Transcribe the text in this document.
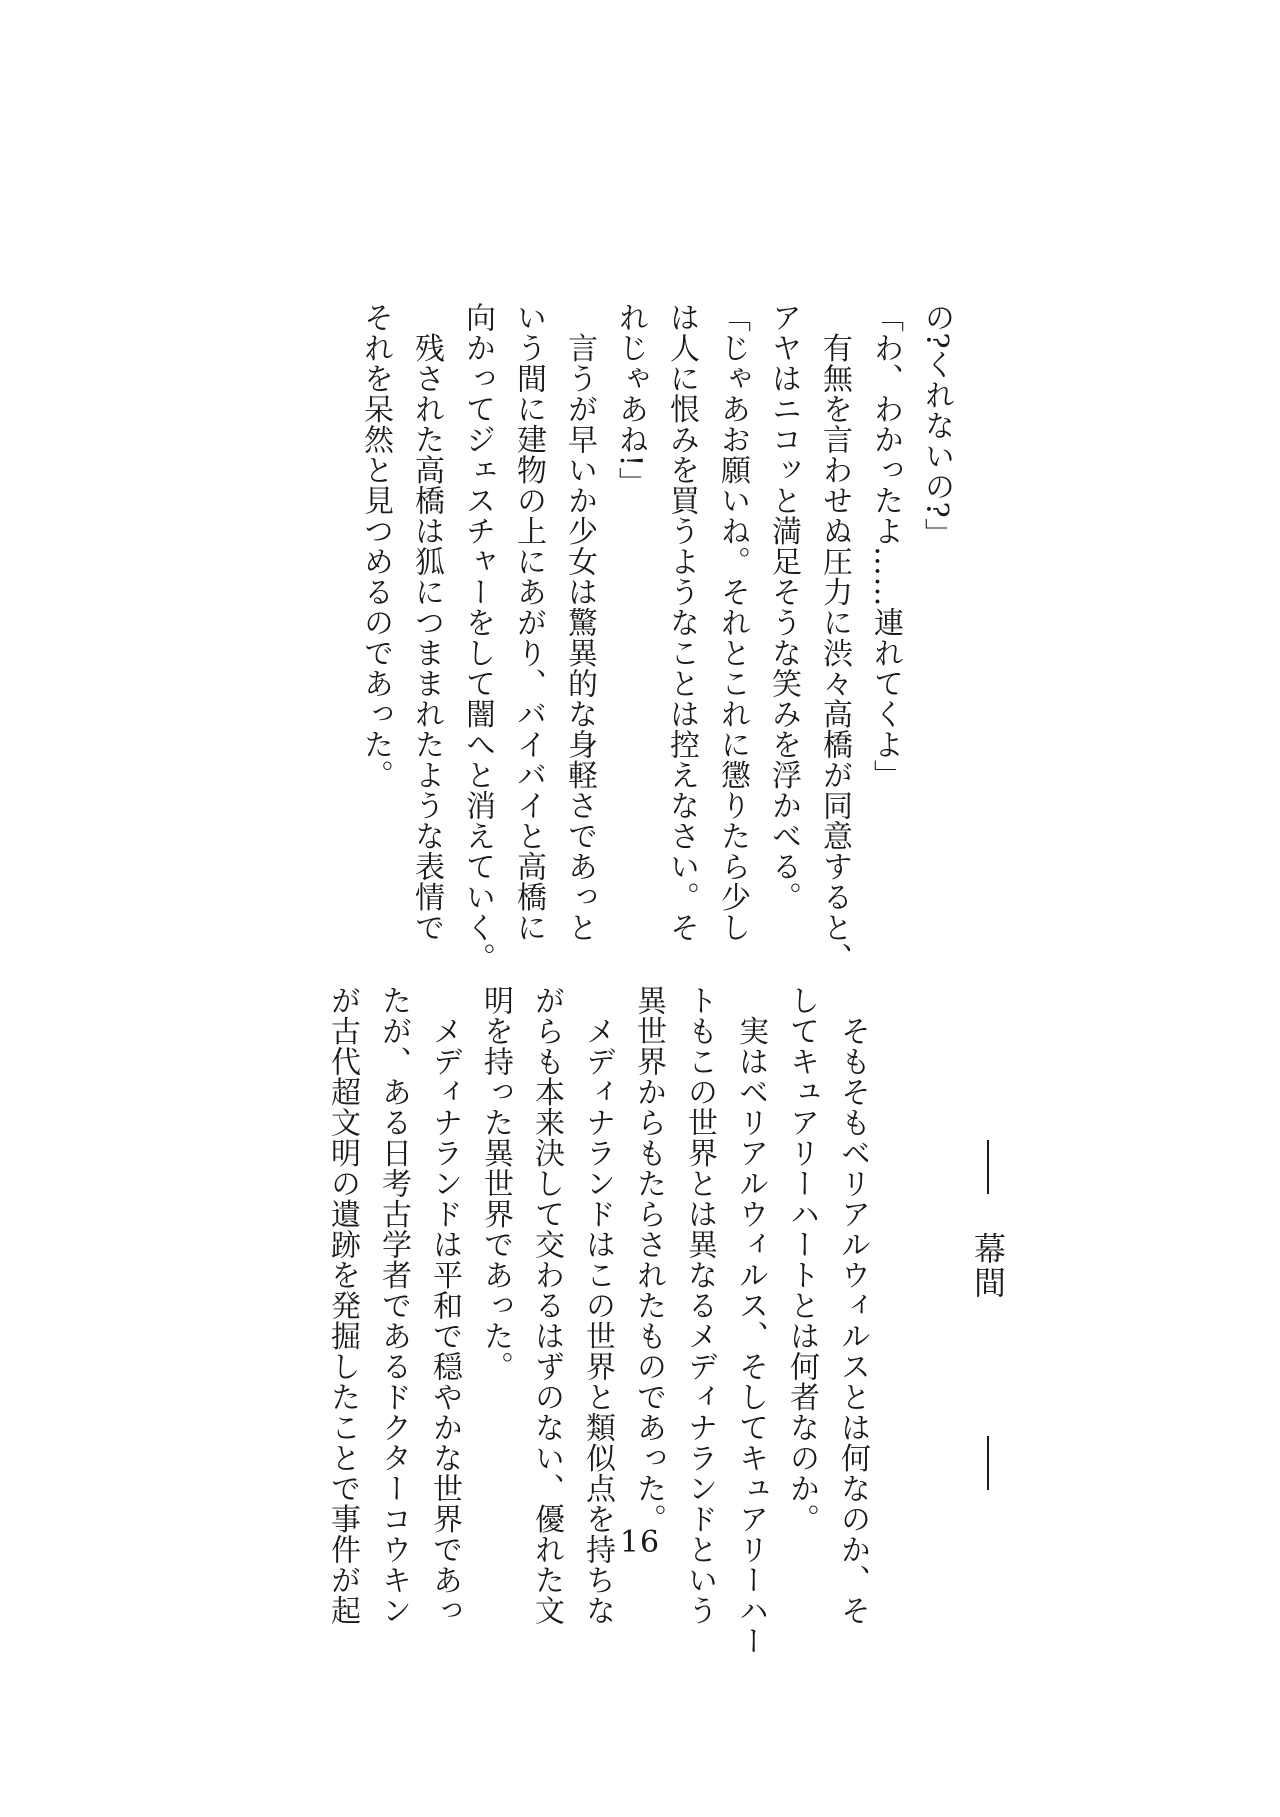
の?くれないの?」

「わ、わかったよ……連れてくよ」

　有無を言わせぬ圧力に渋々高橋が同意すると、

アヤはニコッと満足そうな笑みを浮かべる。

「じゃあお願いね。それとこれに懲りたら少し

は人に恨みを買うようなことは控えなさい。そ

れじゃあね!」

　言うが早いか少女は驚異的な身軽さであっと

いう間に建物の上にあがり、バイバイと高橋に

向かってジェスチャーをして闇へと消えていく。

　残された高橋は狐につままれたような表情で

それを呆然と見つめるのであった。

幕間

　そもそもベリアルウィルスとは何なのか、そ

してキュアリーハートとは何者なのか。

　実はベリアルウィルス、そしてキュアリーハー

トもこの世界とは異なるメディナランドという

異世界からもたらされたものであった。

　メディナランドはこの世界と類似点を持ちな

がらも本来決して交わるはずのない、優れた文

明を持った異世界であった。

　メディナランドは平和で穏やかな世界であっ

たが、ある日考古学者であるドクターコウキン

が古代超文明の遺跡を発掘したことで事件が起	16
